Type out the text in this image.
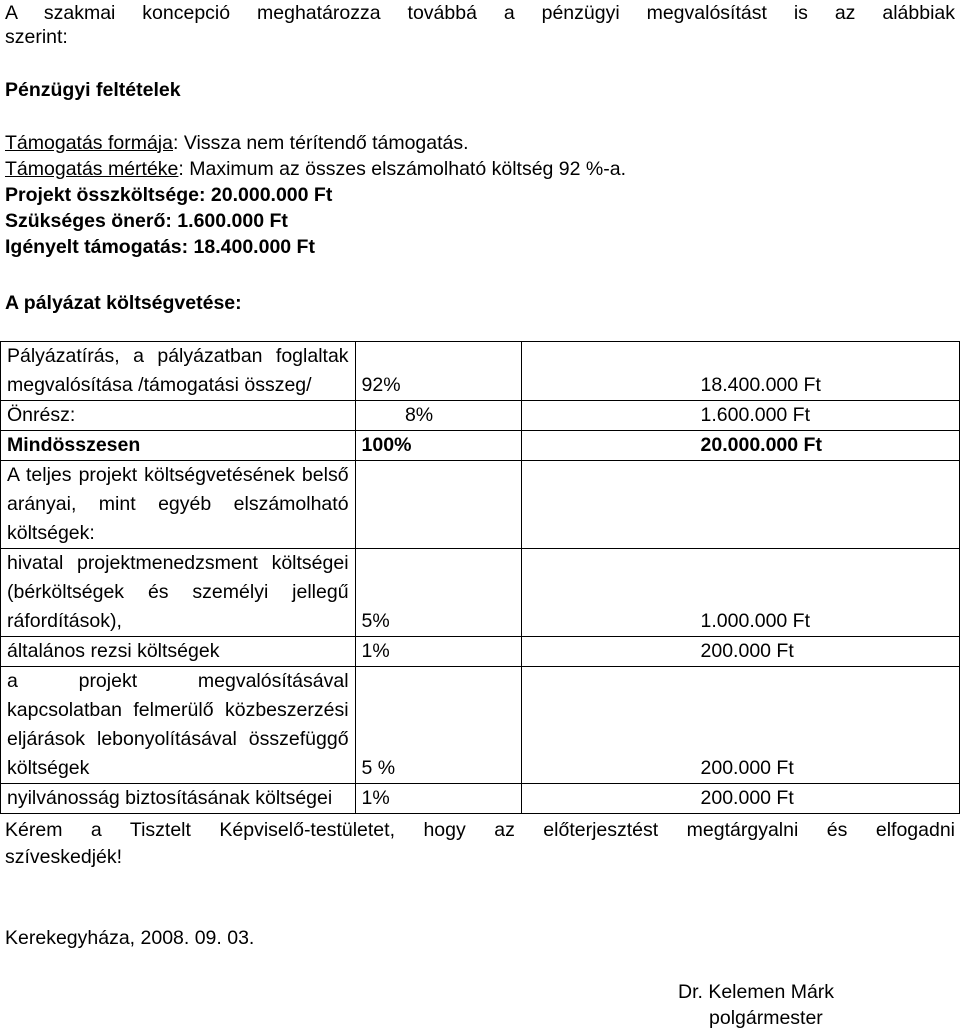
A szakmai koncepció meghatározza továbbá a pénzügyi megvalósítást is az alábbiak
szerint:
Pénzügyi feltételek
Támogatás formája: Vissza nem térítendő támogatás.
Támogatás mértéke: Maximum az összes elszámolható költség 92 %-a.
Projekt összköltsége: 20.000.000 Ft
Szükséges önerő: 1.600.000 Ft
Igényelt támogatás: 18.400.000 Ft
A pályázat költségvetése:
Pályázatírás, a pályázatban foglaltak
megvalósítása /támogatási összeg/	92%	18.400.000 Ft

Önrész:	8%	1.600.000 Ft

Mindösszesen	100%	20.000.000 Ft

A teljes projekt költségvetésének belső
arányai, mint egyéb elszámolható
költségek:		

hivatal projektmenedzsment költségei
(bérköltségek és személyi jellegű
ráfordítások),	5%	1.000.000 Ft

általános rezsi költségek	1%	200.000 Ft

a projekt megvalósításával
kapcsolatban felmerülő közbeszerzési
eljárások lebonyolításával összefüggő
költségek	5 %	200.000 Ft

nyilvánosság biztosításának költségei	1%	200.000 Ft
Kérem a Tisztelt Képviselő-testületet, hogy az előterjesztést megtárgyalni és elfogadni
szíveskedjék!
Kerekegyháza, 2008. 09. 03.
Dr. Kelemen Márk
polgármester
